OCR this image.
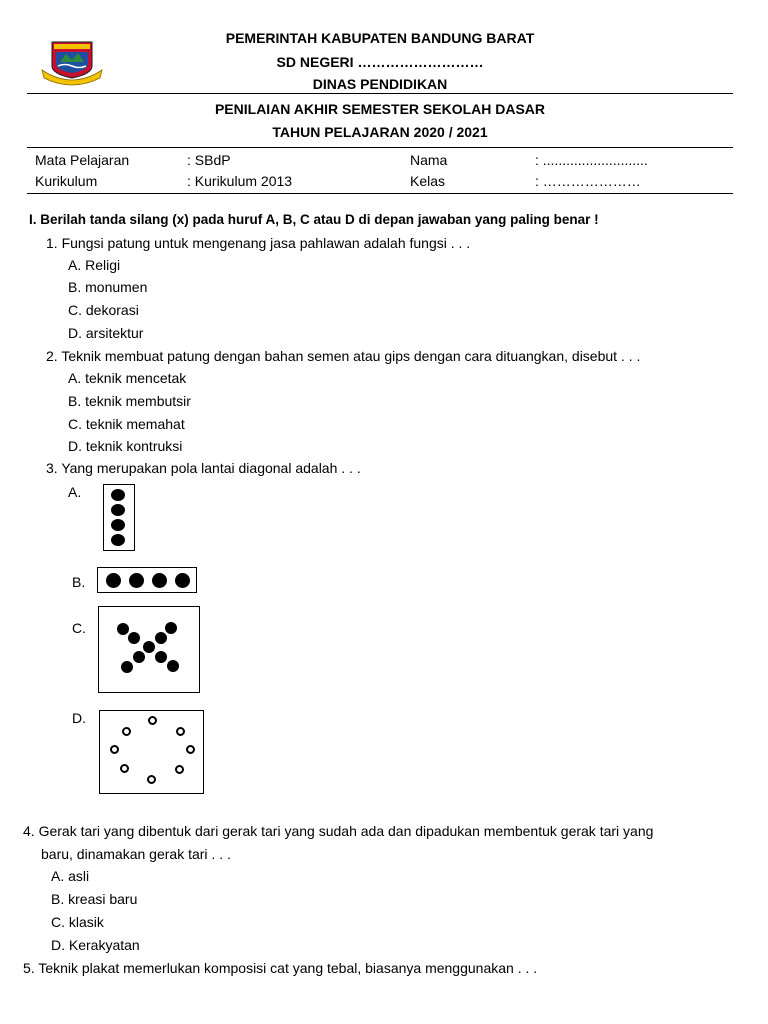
PEMERINTAH KABUPATEN BANDUNG BARAT
SD NEGERI ………………………
DINAS PENDIDIKAN
PENILAIAN AKHIR SEMESTER SEKOLAH DASAR
TAHUN PELAJARAN 2020 / 2021
Mata Pelajaran	: SBdP	Nama	: ...........................
Kurikulum	: Kurikulum 2013	Kelas	: …………………
I. Berilah tanda silang (x) pada huruf A, B, C atau D di depan jawaban yang paling benar !
1. Fungsi patung untuk mengenang jasa pahlawan adalah fungsi . . .
A. Religi
B. monumen
C. dekorasi
D. arsitektur
2. Teknik membuat patung dengan bahan semen atau gips dengan cara dituangkan, disebut . . .
A. teknik mencetak
B. teknik membutsir
C. teknik memahat
D. teknik kontruksi
3. Yang merupakan pola lantai diagonal adalah . . .
A.
B.
C.
D.
4. Gerak tari yang dibentuk dari gerak tari yang sudah ada dan dipadukan membentuk gerak tari yang
baru, dinamakan gerak tari . . .
A. asli
B. kreasi baru
C. klasik
D. Kerakyatan
5. Teknik plakat memerlukan komposisi cat yang tebal, biasanya menggunakan . . .
